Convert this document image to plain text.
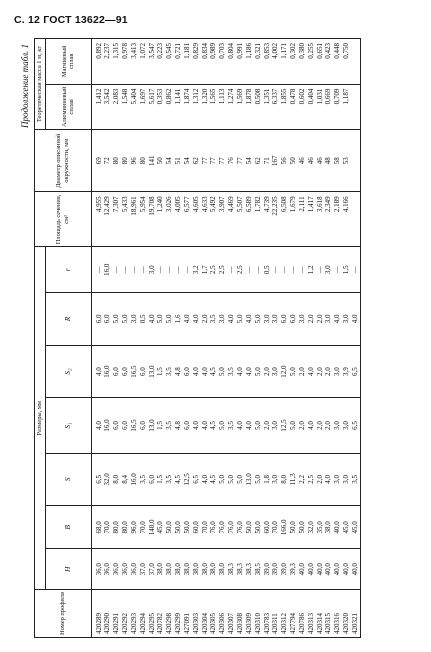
С. 12 ГОСТ 13622—91
Продолжение табл. 1
Номер профиля	Размеры, мм							Площадь сечения, см²	Диаметр описанной окружности, мм	Теоретическая масса 1 м, кг	
	H	B	S	S₁	S₂	R	r			Алюминиевый сплав	Магниевый сплав
420289	36,0	68,0	6,5	4,0	4,0	6,0	—	4,955	69	1,412	0,892
420290	36,0	70,0	32,0	16,0	16,0	6,0	16,0	12,429	72	3,542	2,237
420291	36,0	80,0	8,0	6,0	6,0	5,0	—	7,307	80	2,083	1,315
420292	36,0	80,0	8,4	6,0	6,0	5,0	—	5,433	80	1,548	0,978
420293	36,0	96,0	16,0	16,5	16,5	3,0	—	18,961	96	5,404	3,413
420294	37,0	70,0	3,5	6,0	6,0	0,5	—	5,954	80	1,697	1,072
420295	37,0	140,0	6,0	13,0	13,0	4,0	3,0	19,708	141	5,617	3,547
420782	38,0	45,0	1,5	1,5	1,5	5,0	—	1,240	50	0,353	0,223
420298	38,0	50,0	3,5	3,5	3,5	5,0	—	3,026	54	0,862	0,545
420299	38,0	50,0	4,5	4,8	4,8	1,6	—	4,005	51	1,141	0,721
427091	38,0	50,0	12,5	6,0	6,0	4,0	—	6,577	54	1,874	1,181
420303	38,0	60,0	6,5	4,0	4,0	4,0	3,2	4,605	62	1,312	0,829
420304	38,0	70,0	4,0	4,0	4,0	2,0	1,7	4,633	77	1,320	0,834
420305	38,0	76,0	4,5	4,5	4,5	3,5	2,5	5,492	77	1,565	0,989
420306	38,0	76,0	5,0	5,0	5,0	3,0	2,5	3,907	77	1,113	0,703
420307	38,3	76,0	5,0	3,5	3,5	4,0	—	4,469	76	1,274	0,804
420308	38,3	76,0	5,0	4,0	4,0	5,0	2,5	5,507	77	1,569	0,991
420309	38,3	50,0	13,0	4,0	4,0	4,0	—	6,589	54	1,878	1,186
420310	38,5	50,0	5,0	5,0	5,0	5,0	—	1,782	62	0,508	0,321
420783	39,0	60,0	1,8	2,0	2,0	3,0	0,5	4,739	71	1,351	0,853
420311	39,0	70,0	3,0	3,0	3,0	3,0	—	22,235	167	6,337	4,002
420312	39,0	166,0	8,0	12,5	12,0	6,0	—	6,508	56	1,855	1,171
427794	39,3	50,0	11,3	5,0	5,0	6,0	—	1,679	50	0,478	0,302
420786	40,0	50,0	2,2	2,0	2,0	3,0	—	2,111	46	0,602	0,380
420313	40,0	32,0	2,5	4,0	4,0	2,0	1,2	1,417	46	0,404	0,255
420314	40,0	35,0	2,0	2,0	2,0	2,0	—	3,618	46	1,031	0,651
420315	40,0	38,0	4,0	2,0	2,0	3,0	3,0	2,349	48	0,669	0,423
420316	40,0	40,0	3,0	3,0	3,0	4,0	—	2,189	58	0,709	0,448
420320	40,0	45,0	3,0	3,0	3,9	3,0	1,5	4,166	53	1,187	0,750
420321	40,0	45,0	3,5	6,5	6,5	4,0	—				
